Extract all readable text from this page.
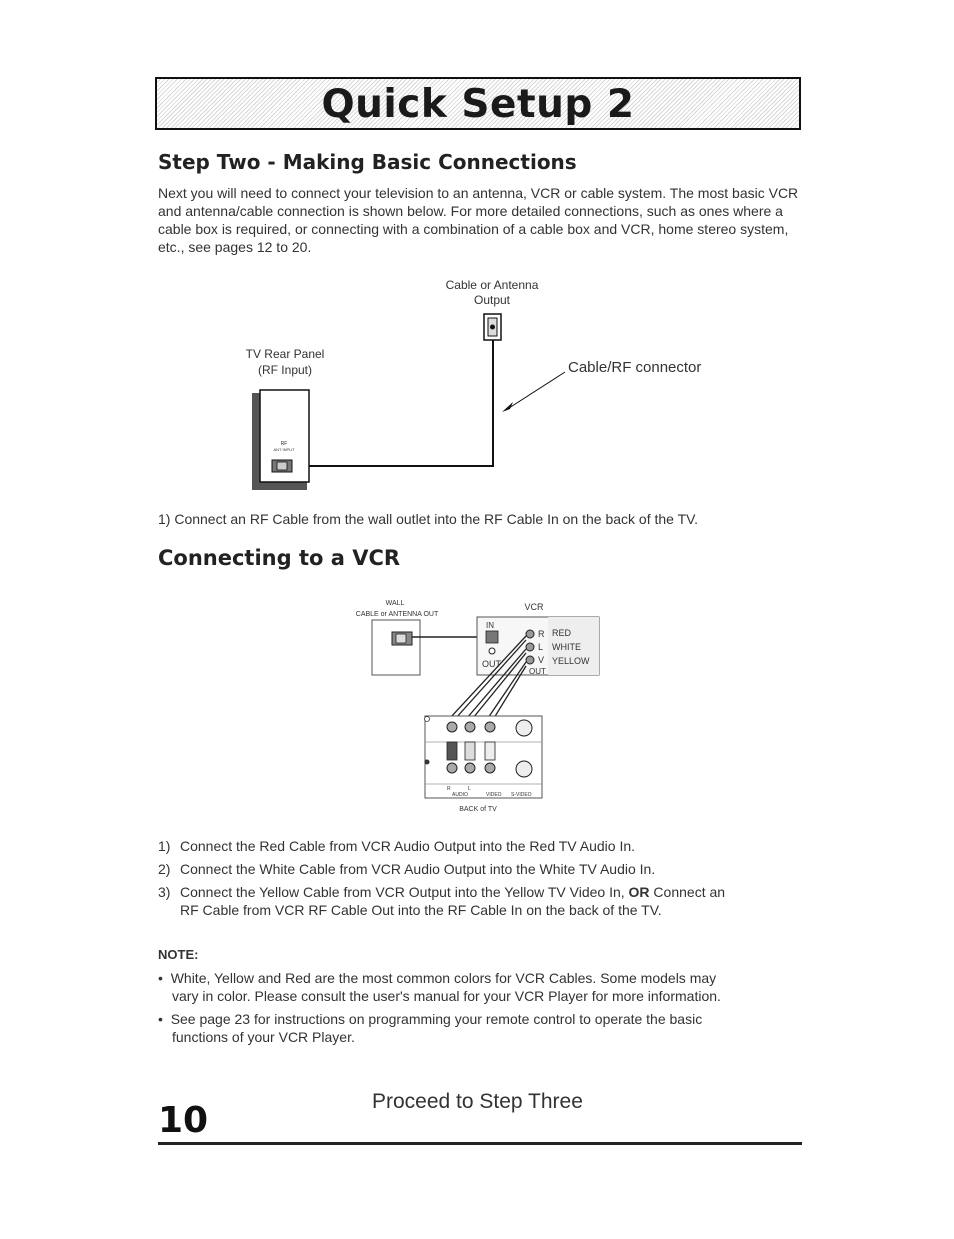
Quick Setup 2
Step Two - Making Basic Connections
Next you will need to connect your television to an antenna, VCR or cable system. The most basic VCR and antenna/cable connection is shown below. For more detailed connections, such as ones where a cable box is required, or connecting with a combination of a cable box and VCR, home stereo system, etc., see pages 12 to 20.
Cable or Antenna
Output
TV Rear Panel
(RF Input)
RF
ANT INPUT
Cable/RF connector
WALL
CABLE or ANTENNA OUT
VCR
IN
OUT
OUT
R
L
V
RED
WHITE
YELLOW
R	L
AUDIO	VIDEO S-VIDEO
BACK of TV
1) Connect an RF Cable from the wall outlet into the RF Cable In on the back of the TV.
Connecting to a VCR
1) Connect the Red Cable from VCR Audio Output into the Red TV Audio In.
2) Connect the White Cable from VCR Audio Output into the White TV Audio In.
3) Connect the Yellow Cable from VCR Output into the Yellow TV Video In, OR Connect an
RF Cable from VCR RF Cable Out into the RF Cable In on the back of the TV.
NOTE:
•  White, Yellow and Red are the most common colors for VCR Cables. Some models may
vary in color. Please consult the user's manual for your VCR Player for more information.
•  See page 23 for instructions on programming your remote control to operate the basic
functions of your VCR Player.
Proceed to Step Three
10
